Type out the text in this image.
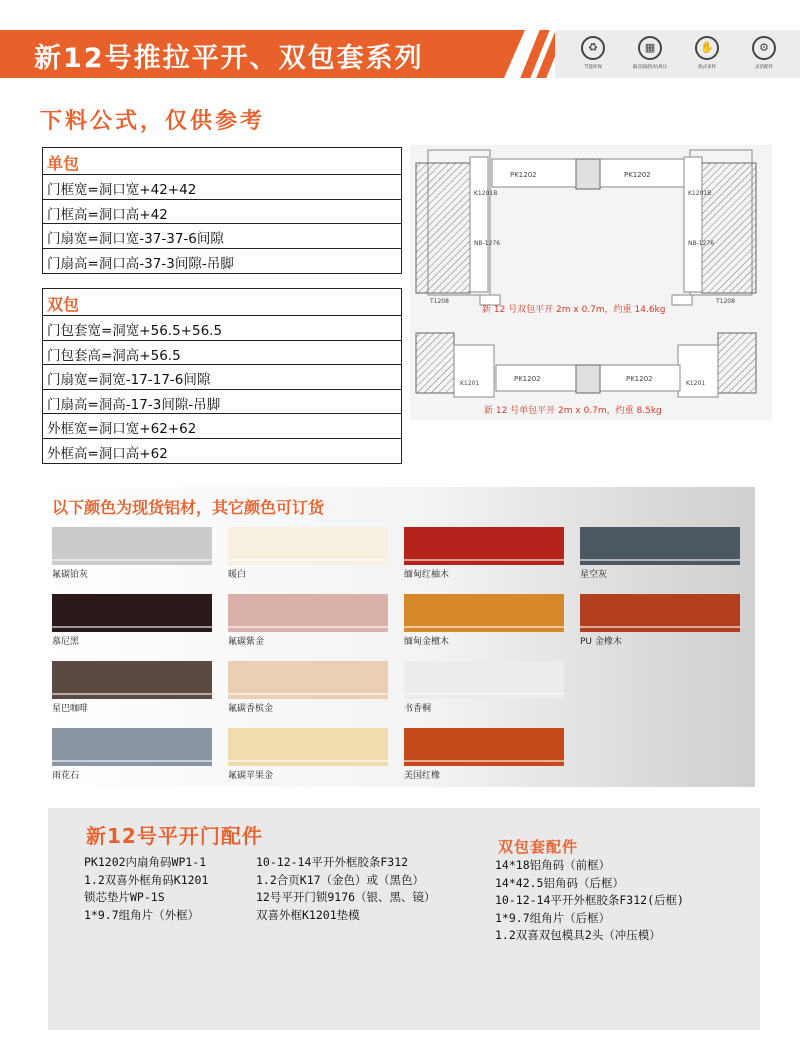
新12号推拉平开、双包套系列	♻
节能环保
▦
隔音/隔热/抗风压
✋
款式多样
⚙
灵活配件
下料公式，仅供参考
单包
门框宽=洞口宽+42+42
门框高=洞口高+42
门扇宽=洞口宽-37-37-6间隙
门扇高=洞口高-37-3间隙-吊脚
双包
门包套宽=洞宽+56.5+56.5
门包套高=洞高+56.5
门扇宽=洞宽-17-17-6间隙
门扇高=洞高-17-3间隙-吊脚
外框宽=洞口宽+62+62
外框高=洞口高+62
PK1202	PK1202
K1201B	K1201B
NB-1276	NB-1276
T1208	T1208
PK1202	PK1202
K1201	K1201
新 12 号双包平开 2m x 0.7m，约重 14.6kg
新 12 号单包平开 2m x 0.7m，约重 8.5kg
以下颜色为现货铝材，其它颜色可订货
氟碳铂灰	暖白	缅甸红柚木	星空灰
慕尼黑	氟碳紫金	缅甸金檀木	PU 金橡木
星巴咖啡	氟碳香槟金	书香桐
雨花石	氟碳苹果金	美国红橡
新12号平开门配件	双包套配件
PK1202内扇角码WP1-1
1.2双喜外框角码K1201
锁芯垫片WP-1S
1*9.7组角片（外框）
10-12-14平开外框胶条F312
1.2合页K17（金色）或（黑色）
12号平开门锁9176（银、黑、镜）
双喜外框K1201垫模
14*18铝角码（前框）
14*42.5铝角码（后框）
10-12-14平开外框胶条F312(后框)
1*9.7组角片（后框）
1.2双喜双包模具2头（冲压模）
